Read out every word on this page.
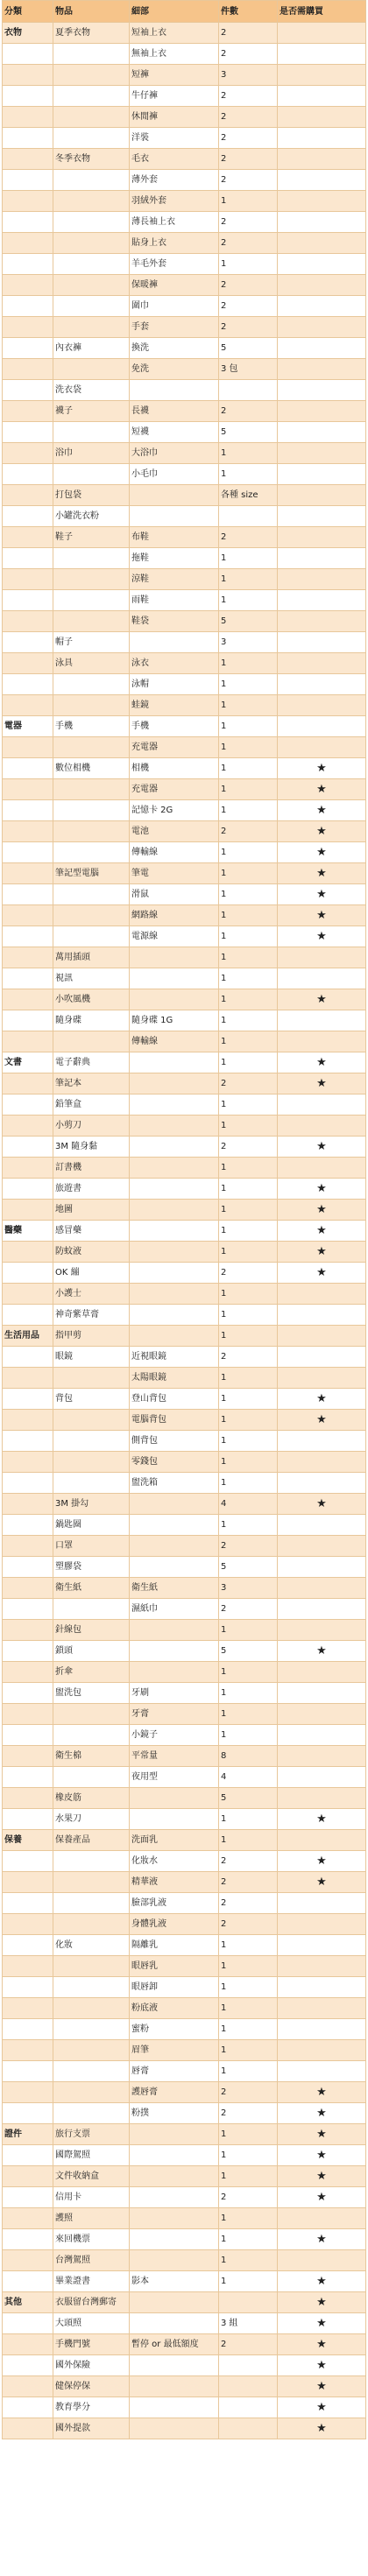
分類	物品	細部	件數	是否需購買
衣物	夏季衣物	短袖上衣	2	
		無袖上衣	2	
		短褲	3	
		牛仔褲	2	
		休閒褲	2	
		洋裝	2	
	冬季衣物	毛衣	2	
		薄外套	2	
		羽絨外套	1	
		薄長袖上衣	2	
		貼身上衣	2	
		羊毛外套	1	
		保暖褲	2	
		圍巾	2	
		手套	2	
	內衣褲	換洗	5	
		免洗	3 包	
	洗衣袋			
	襪子	長襪	2	
		短襪	5	
	浴巾	大浴巾	1	
		小毛巾	1	
	打包袋		各種 size	
	小罐洗衣粉			
	鞋子	布鞋	2	
		拖鞋	1	
		涼鞋	1	
		雨鞋	1	
		鞋袋	5	
	帽子		3	
	泳具	泳衣	1	
		泳帽	1	
		蛙鏡	1	
電器	手機	手機	1	
		充電器	1	
	數位相機	相機	1	★
		充電器	1	★
		記憶卡 2G	1	★
		電池	2	★
		傳輸線	1	★
	筆記型電腦	筆電	1	★
		滑鼠	1	★
		網路線	1	★
		電源線	1	★
	萬用插頭		1	
	視訊		1	
	小吹風機		1	★
	隨身碟	隨身碟 1G	1	
		傳輸線	1	
文書	電子辭典		1	★
	筆記本		2	★
	鉛筆盒		1	
	小剪刀		1	
	3M 隨身黏		2	★
	訂書機		1	
	旅遊書		1	★
	地圖		1	★
醫藥	感冒藥		1	★
	防蚊液		1	★
	OK 繃		2	★
	小護士		1	
	神奇紫草膏		1	
生活用品	指甲剪		1	
	眼鏡	近視眼鏡	2	
		太陽眼鏡	1	
	背包	登山背包	1	★
		電腦背包	1	★
		側背包	1	
		零錢包	1	
		盥洗箱	1	
	3M 掛勾		4	★
	鍋匙圈		1	
	口罩		2	
	塑膠袋		5	
	衛生紙	衛生紙	3	
		濕紙巾	2	
	針線包		1	
	鎖頭		5	★
	折傘		1	
	盥洗包	牙刷	1	
		牙膏	1	
		小鏡子	1	
	衛生棉	平常量	8	
		夜用型	4	
	橡皮筋		5	
	水果刀		1	★
保養	保養產品	洗面乳	1	
		化妝水	2	★
		精華液	2	★
		臉部乳液	2	
		身體乳液	2	
	化妝	隔離乳	1	
		眼唇乳	1	
		眼唇卸	1	
		粉底液	1	
		蜜粉	1	
		眉筆	1	
		唇膏	1	
		護唇膏	2	★
		粉撲	2	★
證件	旅行支票		1	★
	國際駕照		1	★
	文件收納盒		1	★
	信用卡		2	★
	護照		1	
	來回機票		1	★
	台灣駕照		1	
	畢業證書	影本	1	★
其他	衣服留台灣郵寄			★
	大頭照		3 組	★
	手機門號	暫停 or 最低額度	2	★
	國外保險			★
	健保停保			★
	教育學分			★
	國外提款			★
